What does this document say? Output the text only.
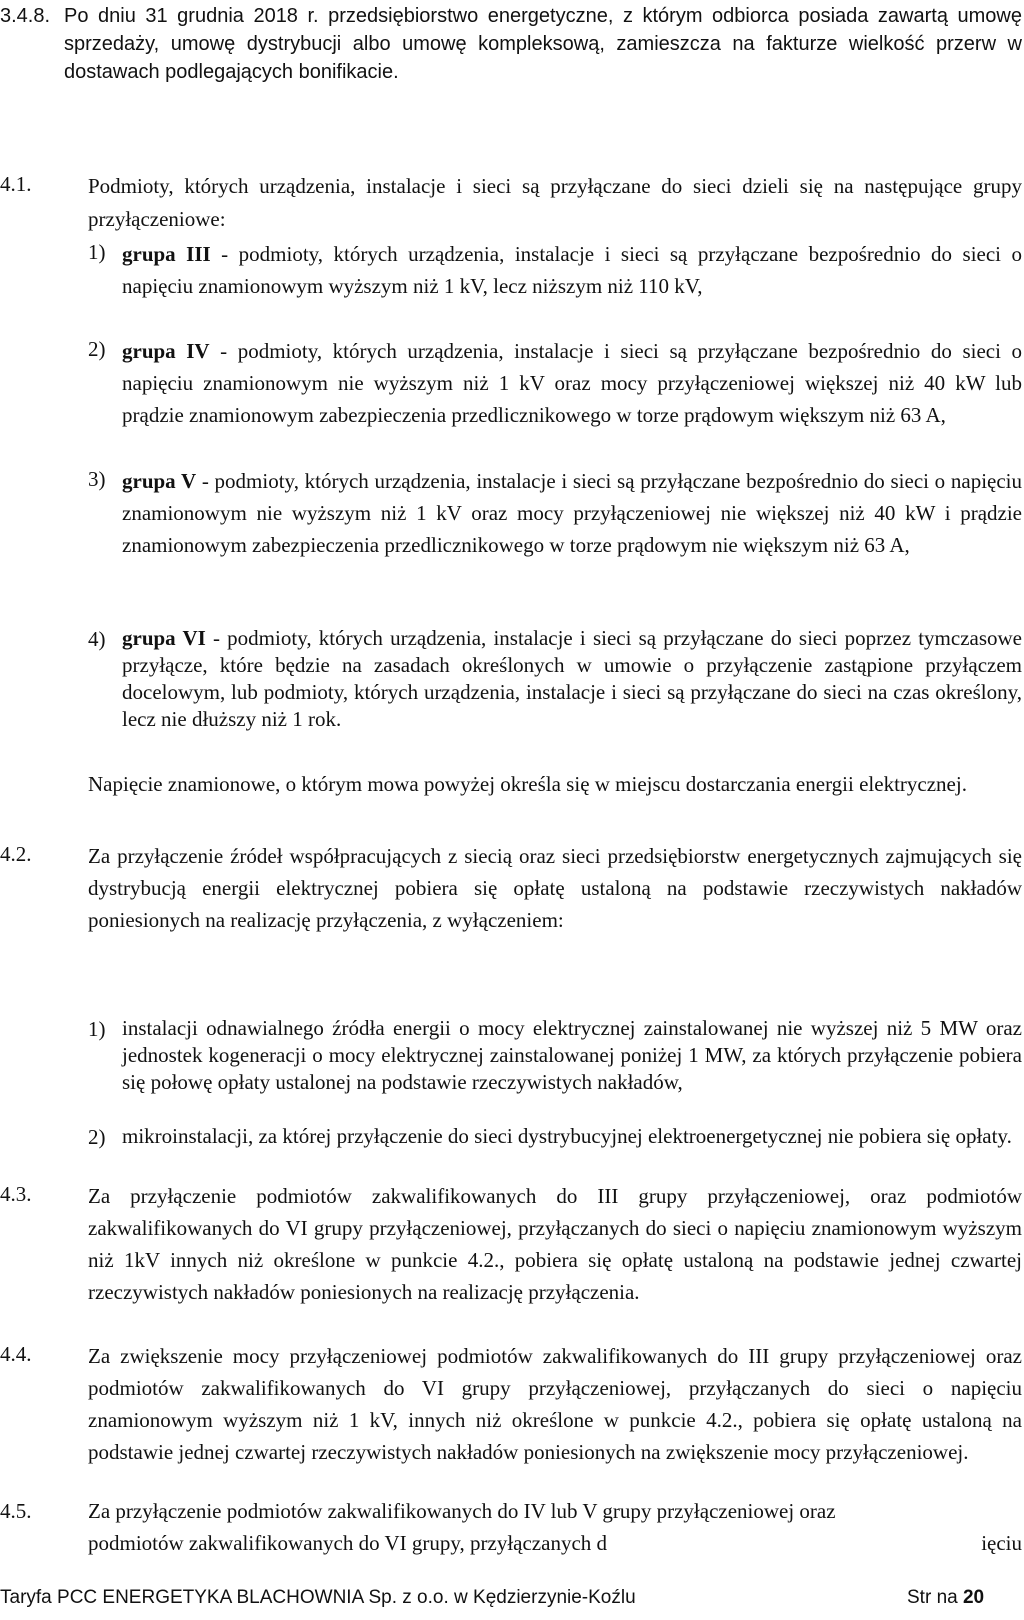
3.4.8. Po dniu 31 grudnia 2018 r. przedsiębiorstwo energetyczne, z którym odbiorca posiada zawartą umowę sprzedaży, umowę dystrybucji albo umowę kompleksową, zamieszcza na fakturze wielkość przerw w dostawach podlegających bonifikacie.
4.1.	Podmioty, których urządzenia, instalacje i sieci są przyłączane do sieci dzieli się na następujące grupy przyłączeniowe:
1) grupa III - podmioty, których urządzenia, instalacje i sieci są przyłączane bezpośrednio do sieci o napięciu znamionowym wyższym niż 1 kV, lecz niższym niż 110 kV,
2) grupa IV - podmioty, których urządzenia, instalacje i sieci są przyłączane bezpośrednio do sieci o napięciu znamionowym nie wyższym niż 1 kV oraz mocy przyłączeniowej większej niż 40 kW lub prądzie znamionowym zabezpieczenia przedlicznikowego w torze prądowym większym niż 63 A,
3) grupa V - podmioty, których urządzenia, instalacje i sieci są przyłączane bezpośrednio do sieci o napięciu znamionowym nie wyższym niż 1 kV oraz mocy przyłączeniowej nie większej niż 40 kW i prądzie znamionowym zabezpieczenia przedlicznikowego w torze prądowym nie większym niż 63 A,
4) grupa VI - podmioty, których urządzenia, instalacje i sieci są przyłączane do sieci poprzez tymczasowe przyłącze, które będzie na zasadach określonych w umowie o przyłączenie zastąpione przyłączem docelowym, lub podmioty, których urządzenia, instalacje i sieci są przyłączane do sieci na czas określony, lecz nie dłuższy niż 1 rok.
Napięcie znamionowe, o którym mowa powyżej określa się w miejscu dostarczania energii elektrycznej.
4.2.	Za przyłączenie źródeł współpracujących z siecią oraz sieci przedsiębiorstw energetycznych zajmujących się dystrybucją energii elektrycznej pobiera się opłatę ustaloną na podstawie rzeczywistych nakładów poniesionych na realizację przyłączenia, z wyłączeniem:
1) instalacji odnawialnego źródła energii o mocy elektrycznej zainstalowanej nie wyższej niż 5 MW oraz jednostek kogeneracji o mocy elektrycznej zainstalowanej poniżej 1 MW, za których przyłączenie pobiera się połowę opłaty ustalonej na podstawie rzeczywistych nakładów,
2) mikroinstalacji, za której przyłączenie do sieci dystrybucyjnej elektroenergetycznej nie pobiera się opłaty.
4.3.	Za przyłączenie podmiotów zakwalifikowanych do III grupy przyłączeniowej, oraz podmiotów zakwalifikowanych do VI grupy przyłączeniowej, przyłączanych do sieci o napięciu znamionowym wyższym niż 1kV innych niż określone w punkcie 4.2., pobiera się opłatę ustaloną na podstawie jednej czwartej rzeczywistych nakładów poniesionych na realizację przyłączenia.
4.4.	Za zwiększenie mocy przyłączeniowej podmiotów zakwalifikowanych do III grupy przyłączeniowej oraz podmiotów zakwalifikowanych do VI grupy przyłączeniowej, przyłączanych do sieci o napięciu znamionowym wyższym niż 1 kV, innych niż określone w punkcie 4.2., pobiera się opłatę ustaloną na podstawie jednej czwartej rzeczywistych nakładów poniesionych na zwiększenie mocy przyłączeniowej.
4.5.	Za przyłączenie podmiotów zakwalifikowanych do IV lub V grupy przyłączeniowej oraz
podmiotów zakwalifikowanych do VI grupy, przyłączanych d	ięciu
Taryfa PCC ENERGETYKA BLACHOWNIA Sp. z o.o. w Kędzierzynie-Koźlu	Str na 20
